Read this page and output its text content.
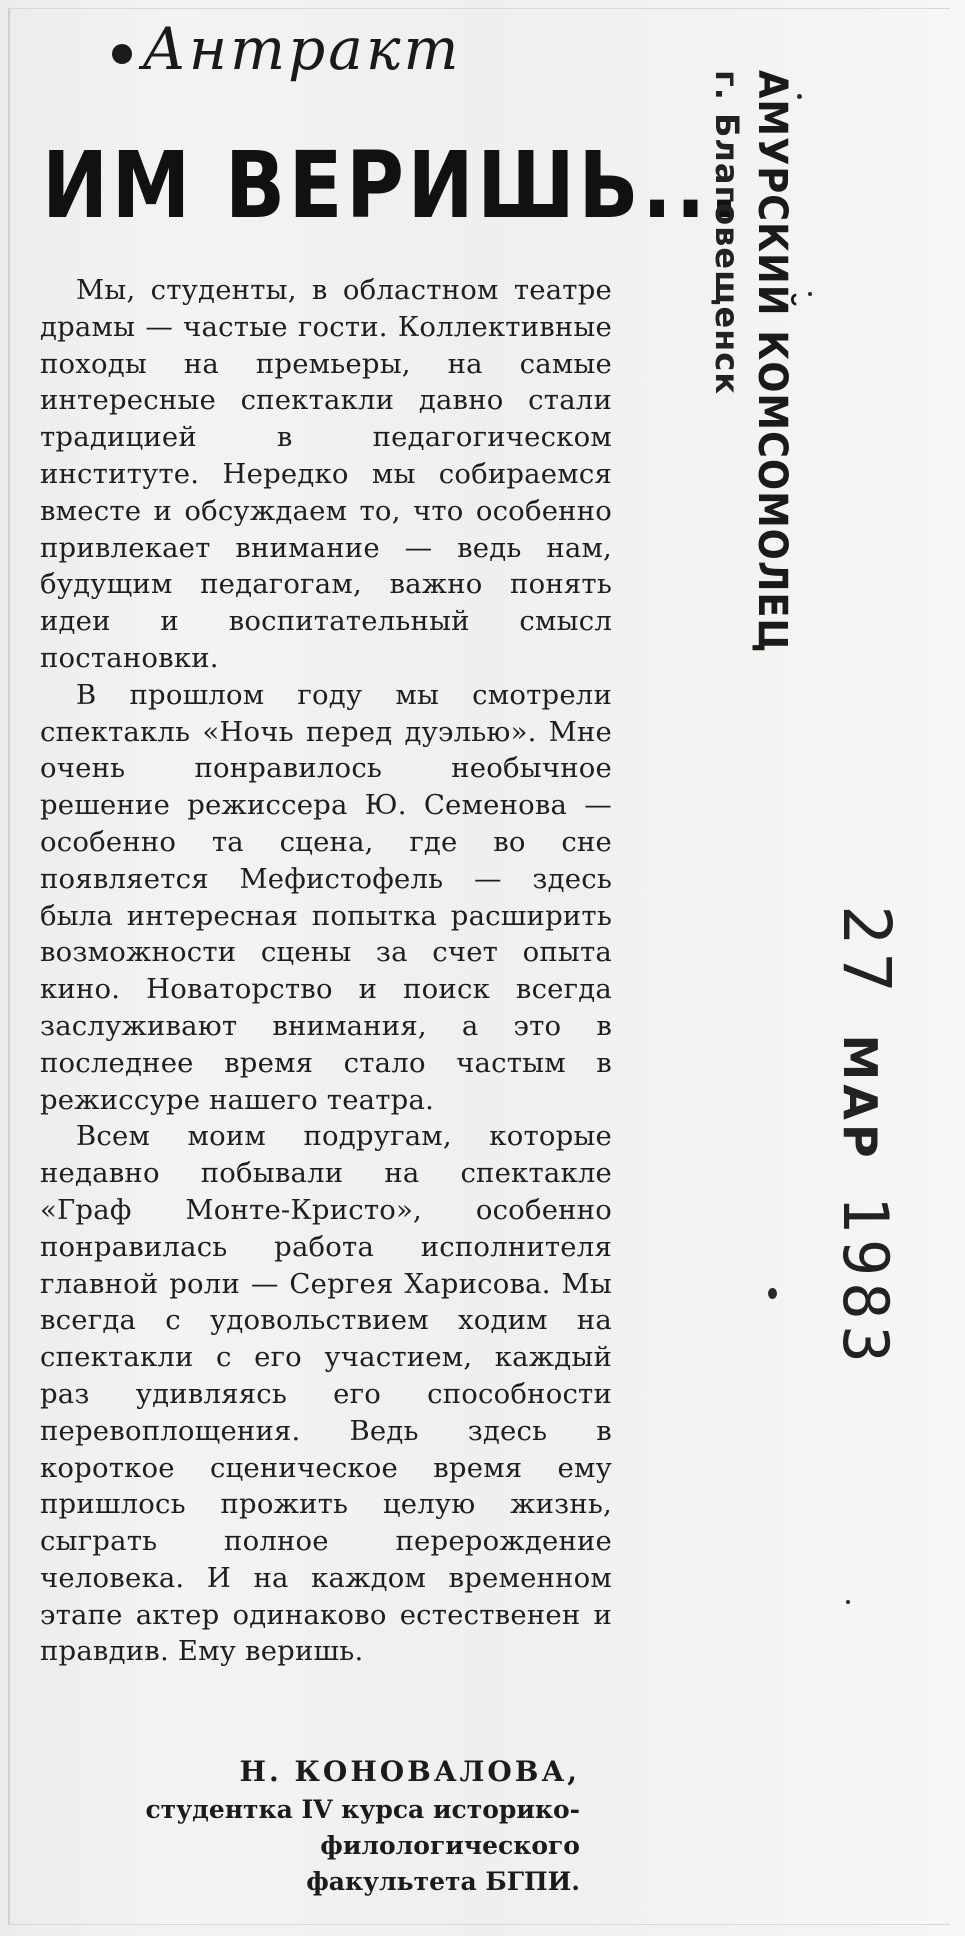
Антракт
ИМ ВЕРИШЬ...

Мы, студенты, в областном театре драмы — частые гости. Коллективные походы на премьеры, на самые интересные спектакли давно стали традицией в педагогическом институте. Нередко мы собираемся вместе и обсуждаем то, что особенно привлекает внимание — ведь нам, будущим педагогам, важно понять идеи и воспитательный смысл постановки.

В прошлом году мы смотрели спектакль «Ночь перед дуэлью». Мне очень понравилось необычное решение режиссера Ю. Семенова — особенно та сцена, где во сне появляется Мефистофель — здесь была интересная попытка расширить возможности сцены за счет опыта кино. Новаторство и поиск всегда заслуживают внимания, а это в последнее время стало частым в режиссуре нашего театра.

Всем моим подругам, которые недавно побывали на спектакле «Граф Монте-Кристо», особенно понравилась работа исполнителя главной роли — Сергея Харисова. Мы всегда с удовольствием ходим на спектакли с его участием, каждый раз удивляясь его способности перевоплощения. Ведь здесь в короткое сценическое время ему пришлось прожить целую жизнь, сыграть полное перерождение человека. И на каждом временном этапе актер одинаково естественен и правдив. Ему веришь.

Н. КОНОВАЛОВА,
студентка IV курса историко-
филологического
факультета БГПИ.
АМУРСКИЙ КОМСОМОЛЕЦ
г. Благовещенск
27
МАР
1983
